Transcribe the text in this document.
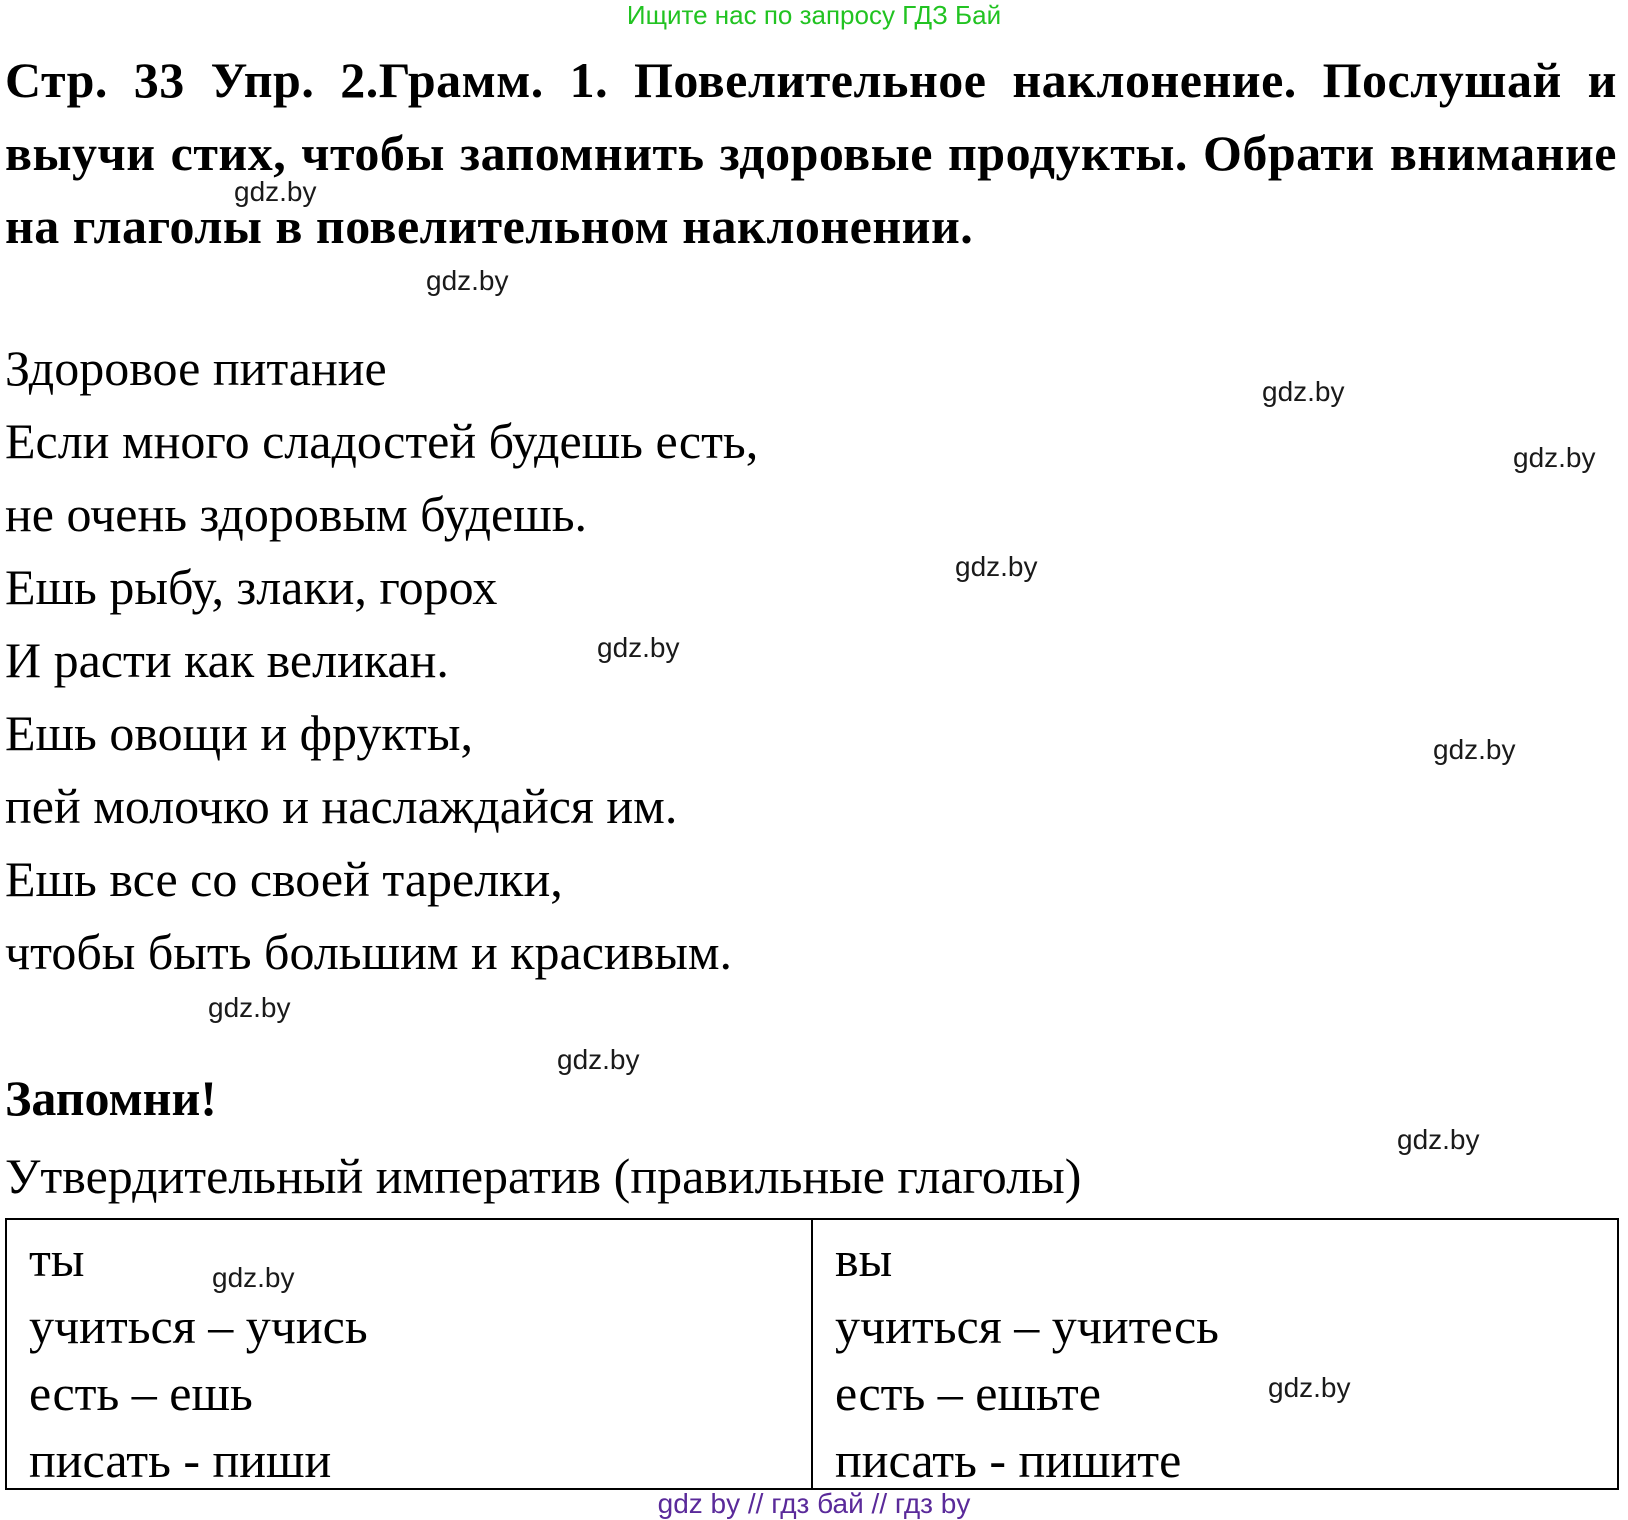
Ищите нас по запросу ГДЗ Бай
Стр. 33 Упр. 2.Грамм. 1. Повелительное наклонение. Послушай и выучи стих, чтобы запомнить здоровые продукты. Обрати внимание на глаголы в повелительном наклонении.
Здоровое питание
Если много сладостей будешь есть,
не очень здоровым будешь.
Ешь рыбу, злаки, горох
И расти как великан.
Ешь овощи и фрукты,
пей молочко и наслаждайся им.
Ешь все со своей тарелки,
чтобы быть большим и красивым.
Запомни!
Утвердительный императив (правильные глаголы)
ты
учиться – учись
есть – ешь
писать - пиши
вы
учиться – учитесь
есть – ешьте
писать - пишите
gdz.by
gdz.by
gdz.by
gdz.by
gdz.by
gdz.by
gdz.by
gdz.by
gdz.by
gdz.by
gdz.by
gdz.by
gdz by // гдз бай // гдз by
